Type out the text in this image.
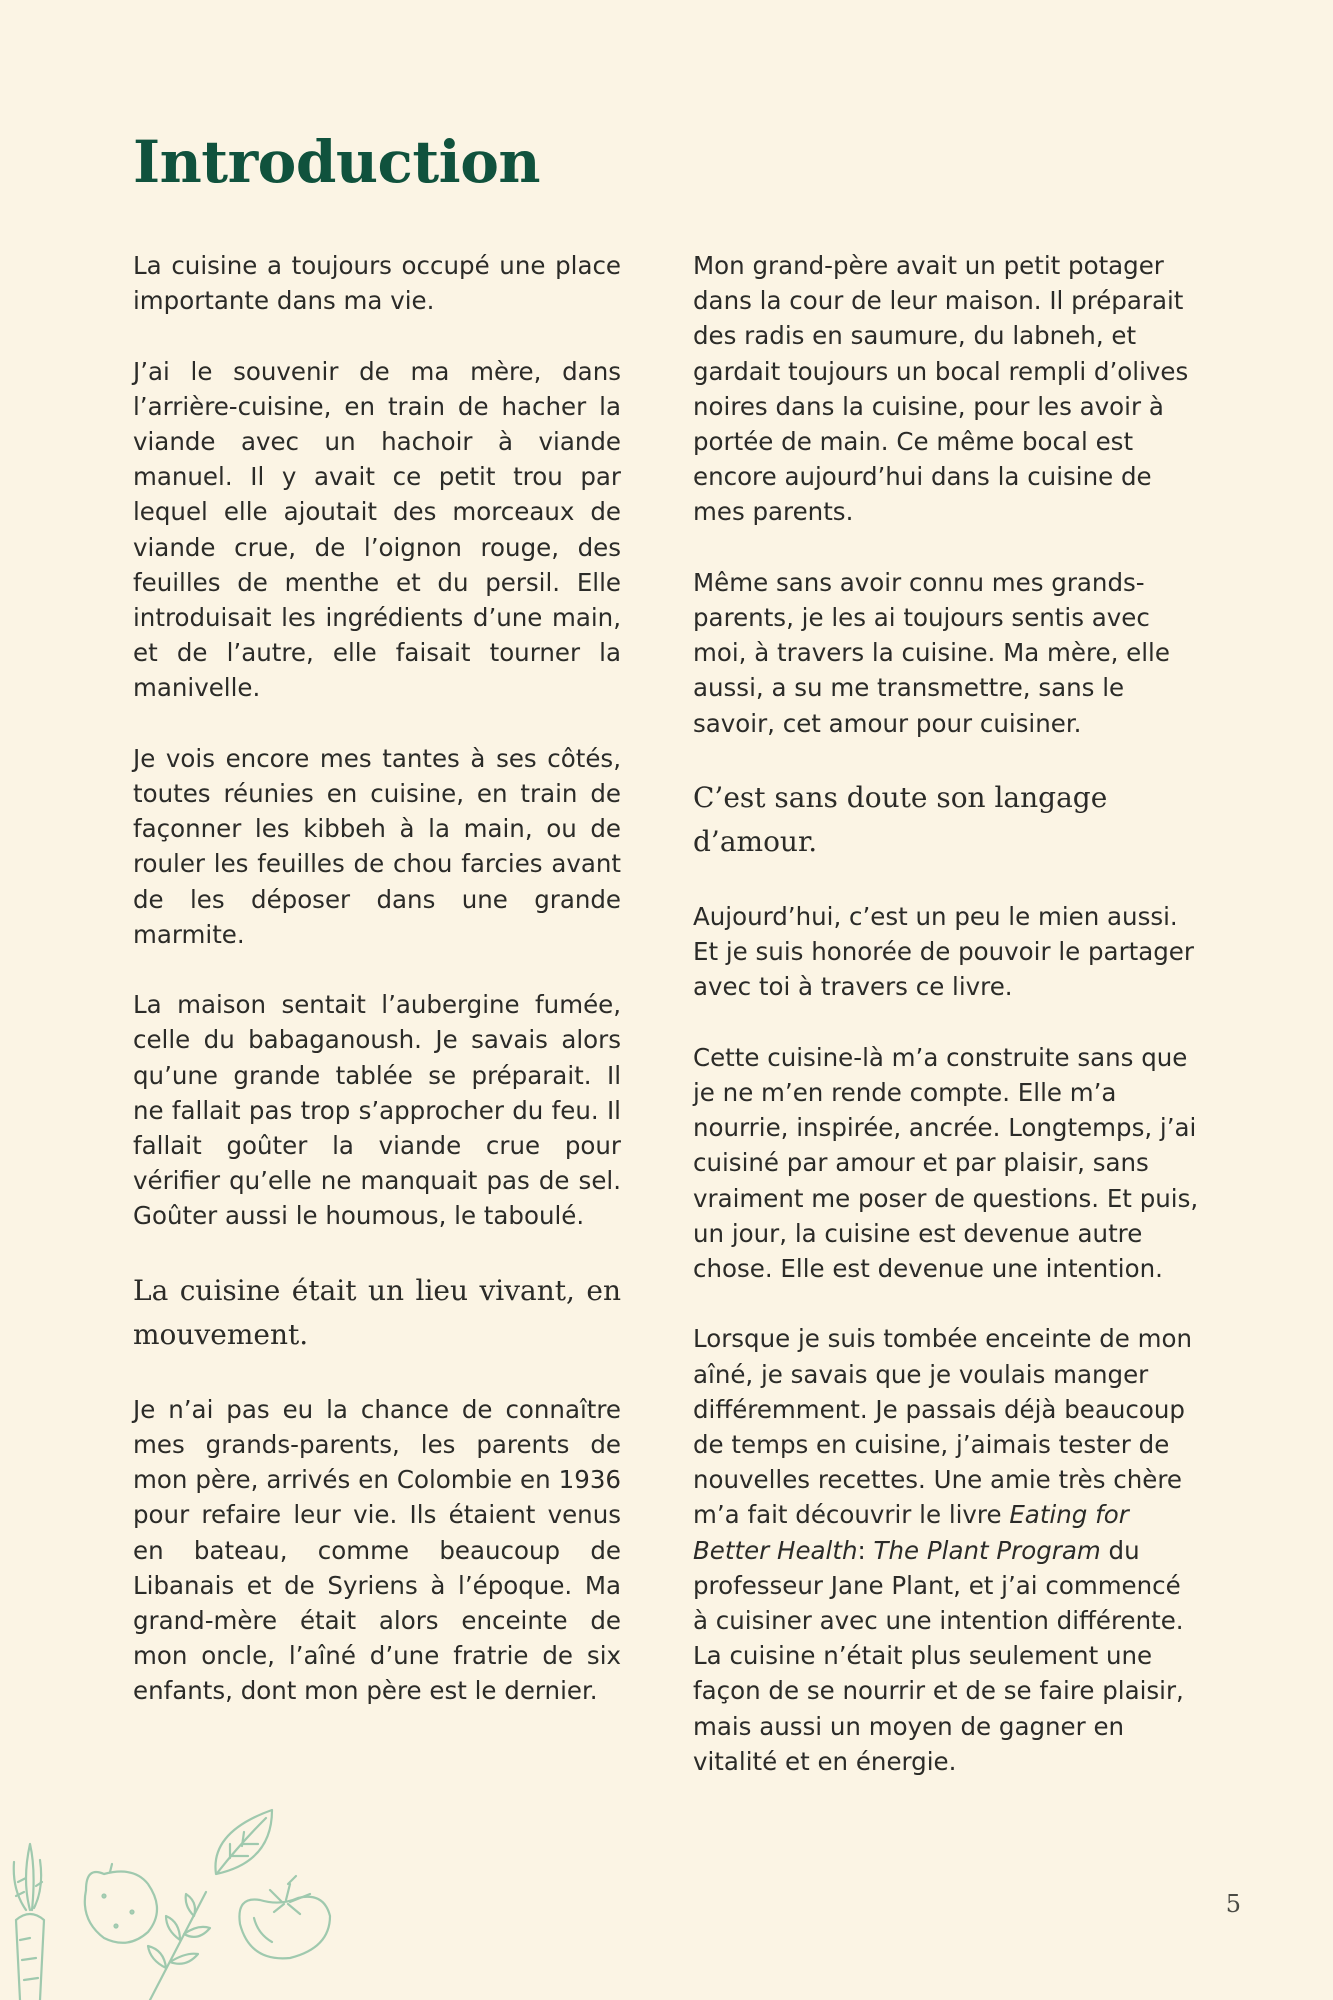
Introduction

La cuisine a toujours occupé une place importante dans ma vie.

J’ai le souvenir de ma mère, dans l’arrière-cuisine, en train de hacher la viande avec un hachoir à viande manuel. Il y avait ce petit trou par lequel elle ajoutait des morceaux de viande crue, de l’oignon rouge, des feuilles de menthe et du persil. Elle introduisait les ingrédients d’une main, et de l’autre, elle faisait tourner la manivelle.

Je vois encore mes tantes à ses côtés, toutes réunies en cuisine, en train de façonner les kibbeh à la main, ou de rouler les feuilles de chou farcies avant de les déposer dans une grande marmite.

La maison sentait l’aubergine fumée, celle du babaganoush. Je savais alors qu’une grande tablée se préparait. Il ne fallait pas trop s’approcher du feu. Il fallait goûter la viande crue pour vérifier qu’elle ne manquait pas de sel. Goûter aussi le houmous, le taboulé.

La cuisine était un lieu vivant, en mouvement.

Je n’ai pas eu la chance de connaître mes grands-parents, les parents de mon père, arrivés en Colombie en 1936 pour refaire leur vie. Ils étaient venus en bateau, comme beaucoup de Libanais et de Syriens à l’époque. Ma grand-mère était alors enceinte de mon oncle, l’aîné d’une fratrie de six enfants, dont mon père est le dernier.

Mon grand-père avait un petit potager dans la cour de leur maison. Il préparait des radis en saumure, du labneh, et gardait toujours un bocal rempli d’olives noires dans la cuisine, pour les avoir à portée de main. Ce même bocal est encore aujourd’hui dans la cuisine de mes parents.

Même sans avoir connu mes grands-parents, je les ai toujours sentis avec moi, à travers la cuisine. Ma mère, elle aussi, a su me transmettre, sans le savoir, cet amour pour cuisiner.

C’est sans doute son langage d’amour.

Aujourd’hui, c’est un peu le mien aussi. Et je suis honorée de pouvoir le partager avec toi à travers ce livre.

Cette cuisine-là m’a construite sans que je ne m’en rende compte. Elle m’a nourrie, inspirée, ancrée. Longtemps, j’ai cuisiné par amour et par plaisir, sans vraiment me poser de questions. Et puis, un jour, la cuisine est devenue autre chose. Elle est devenue une intention.

Lorsque je suis tombée enceinte de mon aîné, je savais que je voulais manger différemment. Je passais déjà beaucoup de temps en cuisine, j’aimais tester de nouvelles recettes. Une amie très chère m’a fait découvrir le livre Eating for Better Health: The Plant Program du professeur Jane Plant, et j’ai commencé à cuisiner avec une intention différente. La cuisine n’était plus seulement une façon de se nourrir et de se faire plaisir, mais aussi un moyen de gagner en vitalité et en énergie.

5
